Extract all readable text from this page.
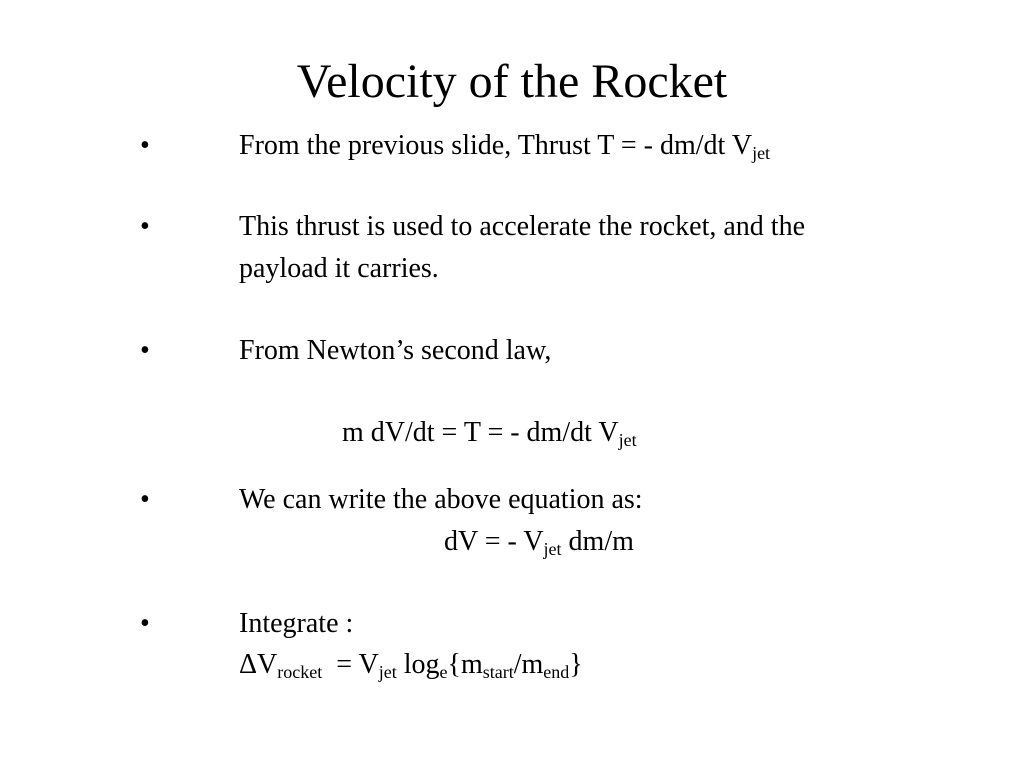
Velocity of the Rocket
•	From the previous slide, Thrust T = - dm/dt $V_{jet}$
•	This thrust is used to accelerate the rocket, and the
payload it carries.
•	From Newton’s second law,
m dV/dt = T = - dm/dt $V_{jet}$
•	We can write the above equation as:
dV = - $V_{jet}$ dm/m
•	Integrate :
$\Delta V_{rocket} = V_{jet}$ $\log_e\{m_{start}/m_{end}\}$
